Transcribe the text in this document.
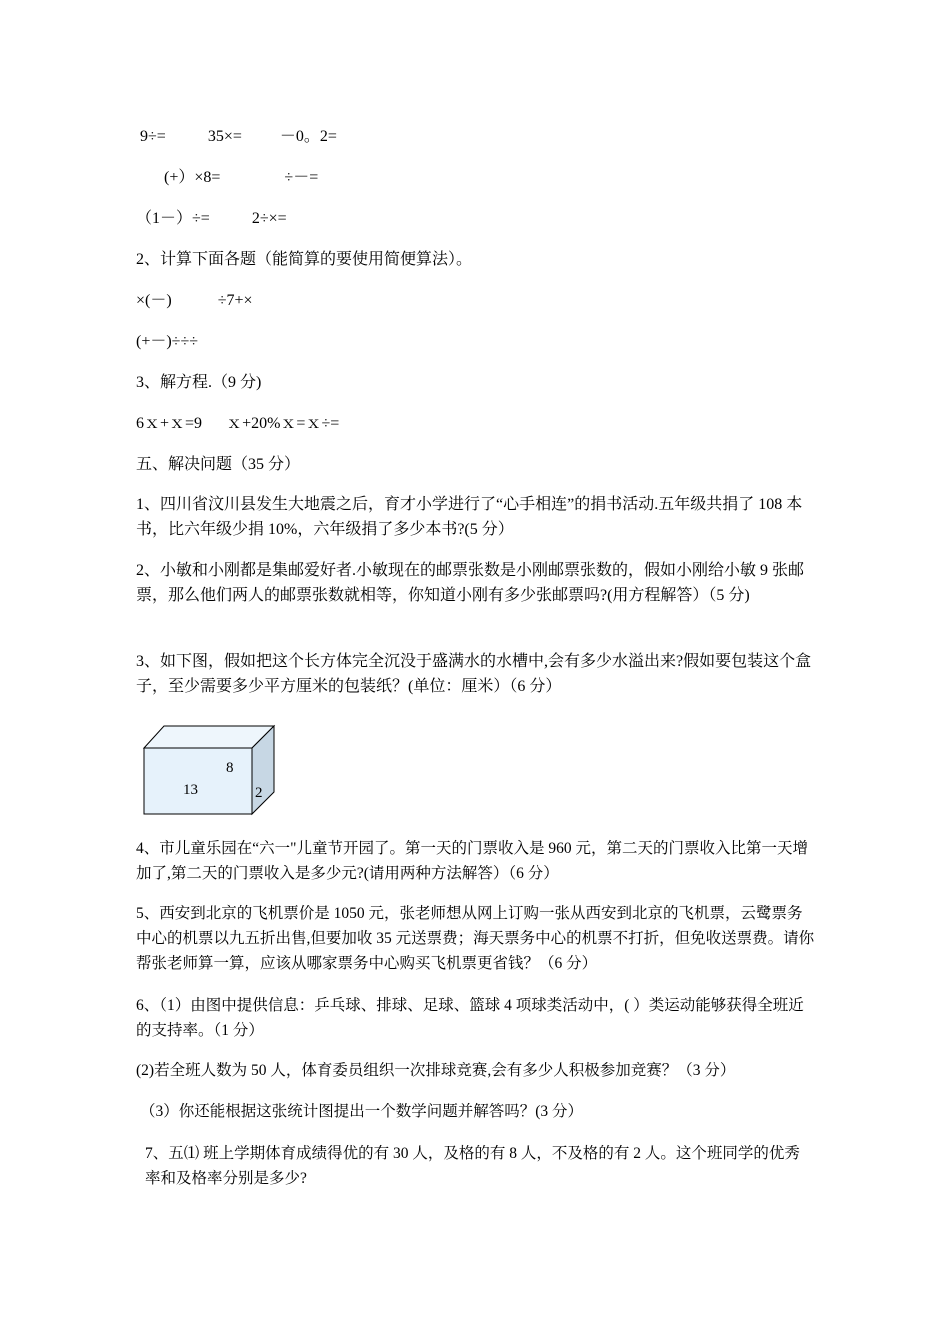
9÷=	35×= －0。2=
(+）×8=	÷－=
（1－）÷=	2÷×=
2、计算下面各题（能简算的要使用简便算法）。
×(－)	÷7+×
(+－)÷÷÷
3、解方程.（9 分)
6ｘ+ｘ=9 ｘ+20%ｘ=ｘ÷=
五、解决问题（35 分）
1、四川省汶川县发生大地震之后，育才小学进行了“心手相连”的捐书活动.五年级共捐了 108 本书，比六年级少捐 10%，六年级捐了多少本书?(5 分）
2、小敏和小刚都是集邮爱好者.小敏现在的邮票张数是小刚邮票张数的，假如小刚给小敏 9 张邮票，那么他们两人的邮票张数就相等，你知道小刚有多少张邮票吗?(用方程解答）（5 分)
3、如下图，假如把这个长方体完全沉没于盛满水的水槽中,会有多少水溢出来?假如要包装这个盒子，至少需要多少平方厘米的包装纸？(单位：厘米）（6 分）
8
13	2
4、市儿童乐园在“六一"儿童节开园了。第一天的门票收入是 960 元，第二天的门票收入比第一天增加了,第二天的门票收入是多少元?(请用两种方法解答）（6 分）
5、西安到北京的飞机票价是 1050 元，张老师想从网上订购一张从西安到北京的飞机票，云鹭票务中心的机票以九五折出售,但要加收 35 元送票费；海天票务中心的机票不打折，但免收送票费。请你帮张老师算一算，应该从哪家票务中心购买飞机票更省钱？（6 分）
6、（1）由图中提供信息：乒乓球、排球、足球、篮球 4 项球类活动中，( ）类运动能够获得全班近的支持率。（1 分）
(2)若全班人数为 50 人，体育委员组织一次排球竞赛,会有多少人积极参加竞赛？（3 分）
（3）你还能根据这张统计图提出一个数学问题并解答吗？(3 分）
7、五⑴ 班上学期体育成绩得优的有 30 人，及格的有 8 人，不及格的有 2 人。这个班同学的优秀率和及格率分别是多少?
